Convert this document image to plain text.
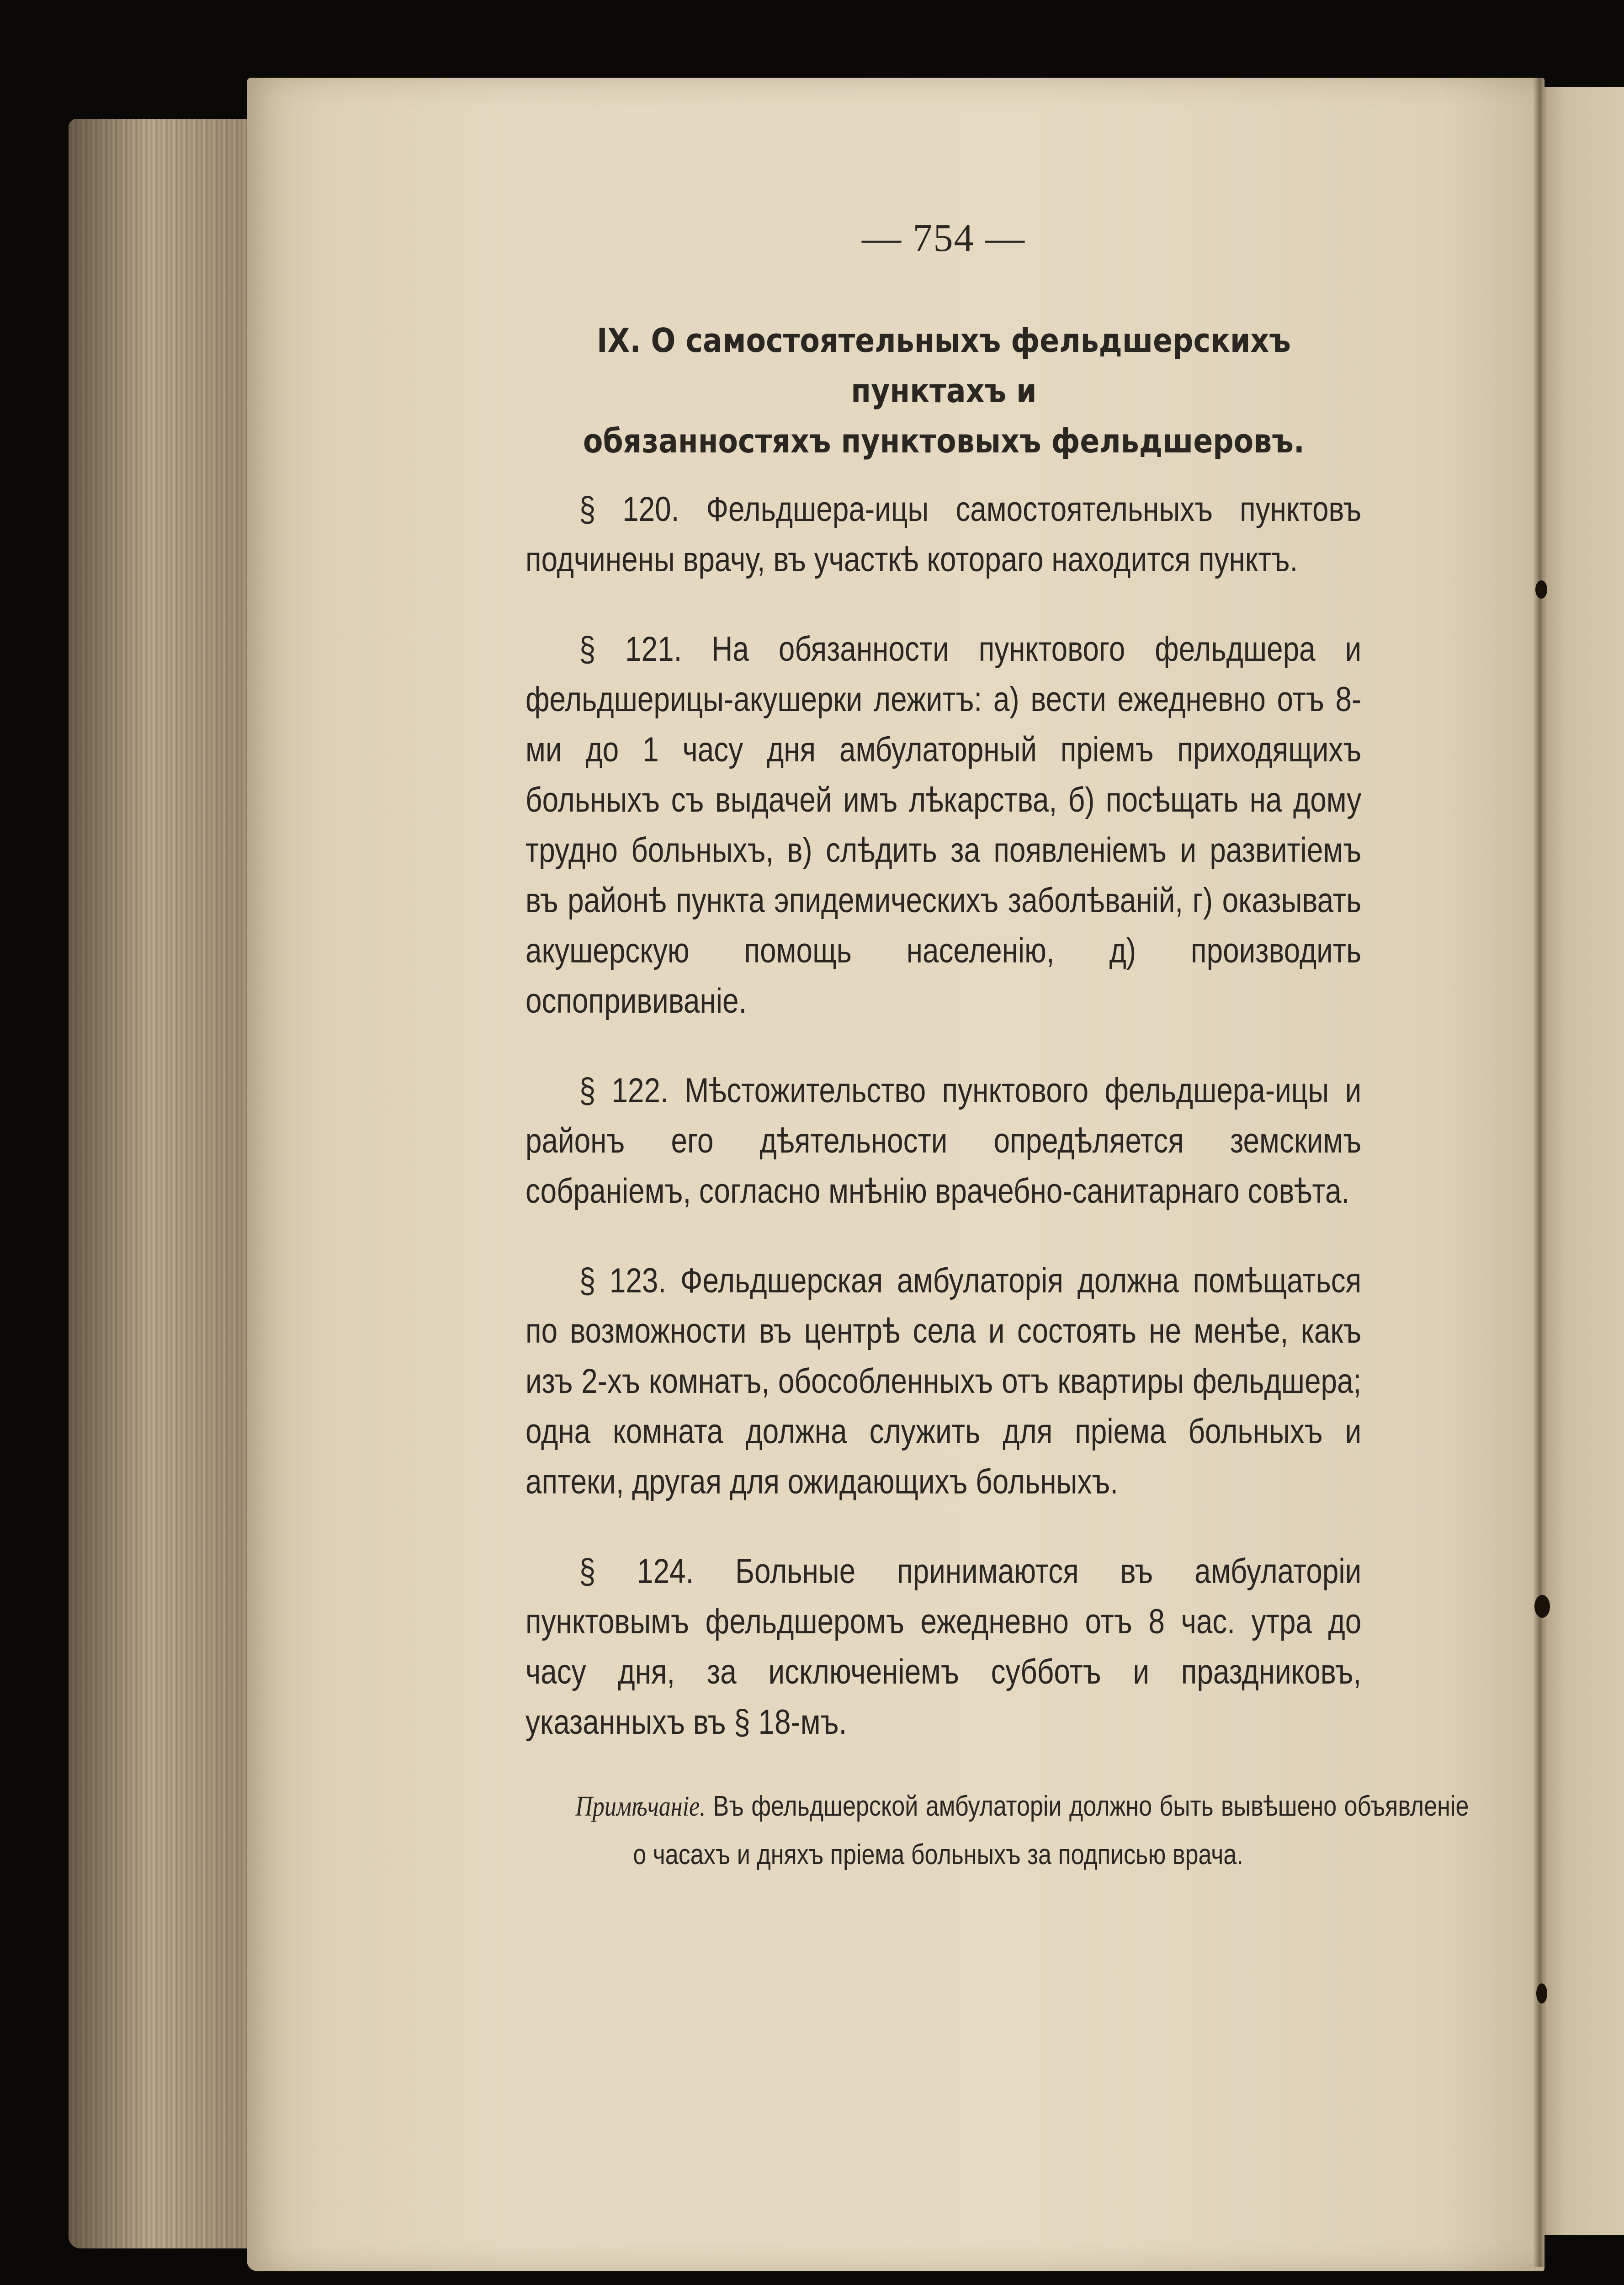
— 754 —
IX. О самостоятельныхъ фельдшерскихъ пунктахъ и
обязанностяхъ пунктовыхъ фельдшеровъ.

§ 120. Фельдшера-ицы самостоятельныхъ пунктовъ подчинены врачу, въ участкѣ котораго находится пунктъ.

§ 121. На обязанности пунктового фельдшера и фельдшерицы-акушерки лежитъ: а) вести ежедневно отъ 8-ми до 1 часу дня амбулаторный пріемъ приходящихъ больныхъ съ выдачей имъ лѣкарства, б) посѣщать на дому трудно больныхъ, в) слѣдить за появленіемъ и развитіемъ въ районѣ пункта эпидемическихъ заболѣваній, г) оказывать акушерскую помощь населенію, д) производить оспопрививаніе.

§ 122. Мѣстожительство пунктового фельдшера-ицы и районъ его дѣятельности опредѣляется земскимъ собраніемъ, согласно мнѣнію врачебно-санитарнаго совѣта.

§ 123. Фельдшерская амбулаторія должна помѣщаться по возможности въ центрѣ села и состоять не менѣе, какъ изъ 2-хъ комнатъ, обособленныхъ отъ квартиры фельдшера; одна комната должна служить для пріема больныхъ и аптеки, другая для ожидающихъ больныхъ.

§ 124. Больные принимаются въ амбулаторіи пунктовымъ фельдшеромъ ежедневно отъ 8 час. утра до часу дня, за исключеніемъ субботъ и праздниковъ, указанныхъ въ § 18-мъ.

Примѣчаніе. Въ фельдшерской амбулаторіи должно быть вывѣшено объявленіе о часахъ и дняхъ пріема больныхъ за подписью врача.
